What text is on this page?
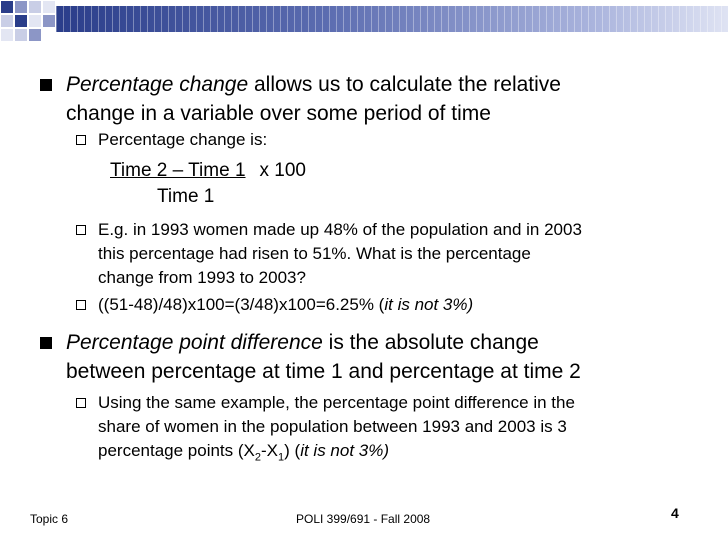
Percentage change allows us to calculate the relative
change in a variable over some period of time
Percentage change is:
Time 2 – Time 1 x 100
Time 1
E.g. in 1993 women made up 48% of the population and in 2003
this percentage had risen to 51%. What is the percentage
change from 1993 to 2003?
((51-48)/48)x100=(3/48)x100=6.25% (it is not 3%)
Percentage point difference is the absolute change
between percentage at time 1 and percentage at time 2
Using the same example, the percentage point difference in the
share of women in the population between 1993 and 2003 is 3
percentage points $(X_2-X_1)$ (it is not 3%)
Topic 6	POLI 399/691 - Fall 2008	4
